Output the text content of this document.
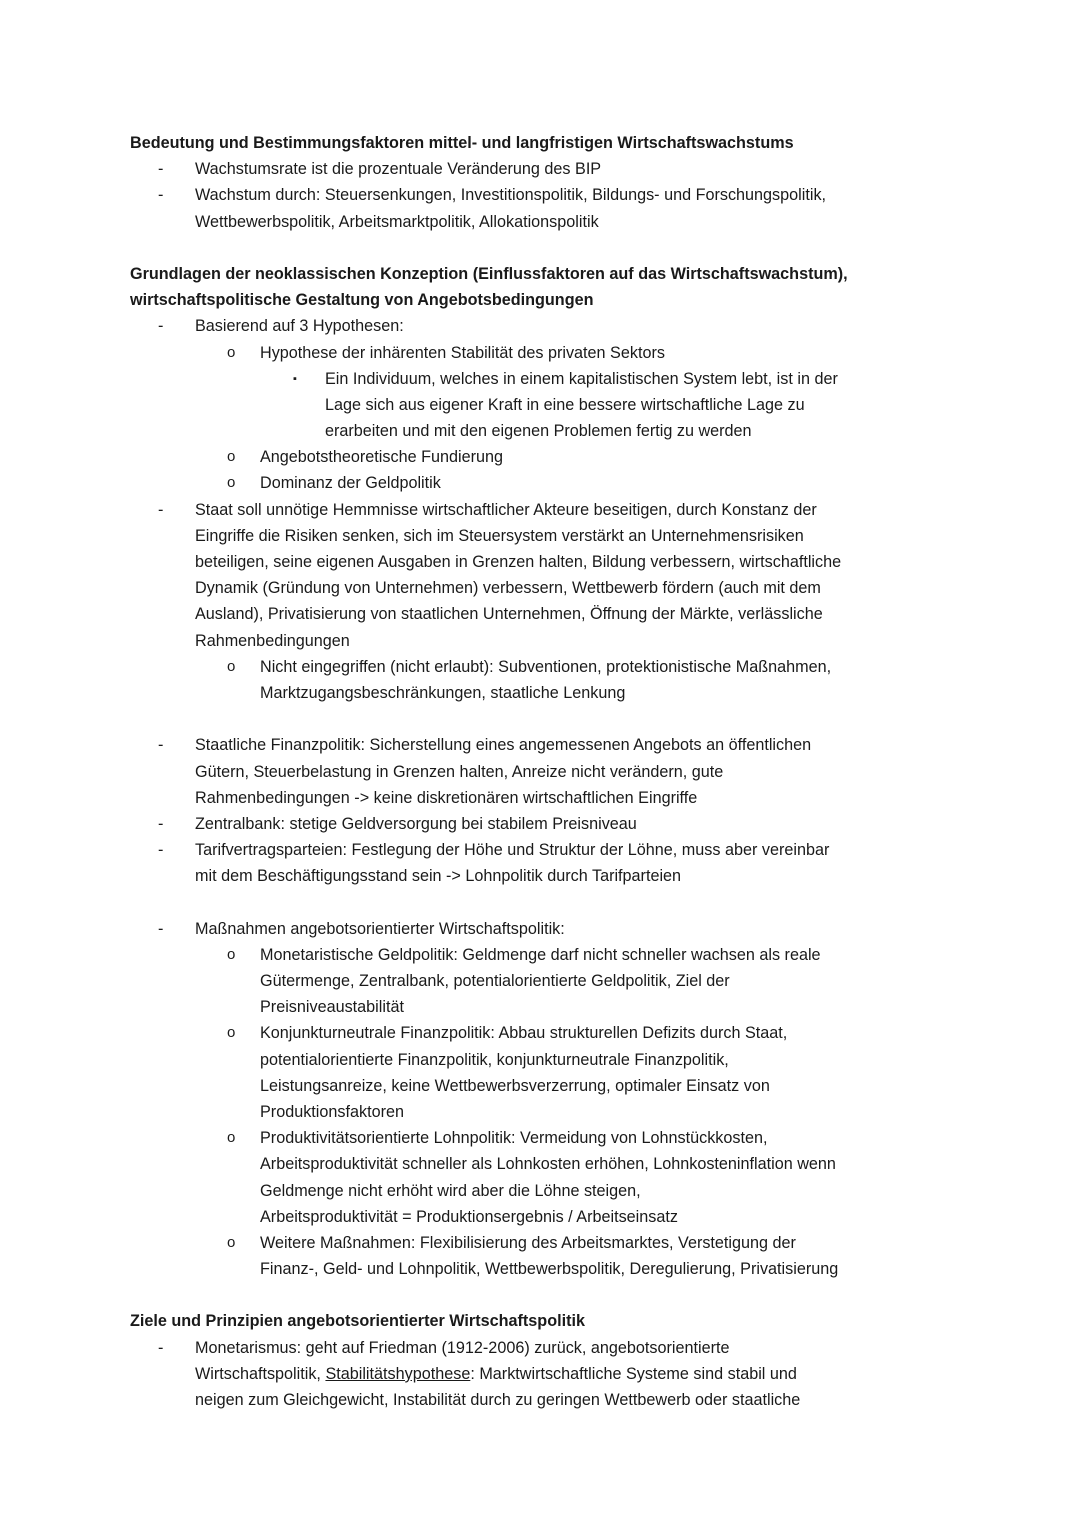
Bedeutung und Bestimmungsfaktoren mittel- und langfristigen Wirtschaftswachstums
- Wachstumsrate ist die prozentuale Veränderung des BIP
- Wachstum durch: Steuersenkungen, Investitionspolitik, Bildungs- und Forschungspolitik,
Wettbewerbspolitik, Arbeitsmarktpolitik, Allokationspolitik
Grundlagen der neoklassischen Konzeption (Einflussfaktoren auf das Wirtschaftswachstum),
wirtschaftspolitische Gestaltung von Angebotsbedingungen
- Basierend auf 3 Hypothesen:
o Hypothese der inhärenten Stabilität des privaten Sektors
▪ Ein Individuum, welches in einem kapitalistischen System lebt, ist in der
Lage sich aus eigener Kraft in eine bessere wirtschaftliche Lage zu
erarbeiten und mit den eigenen Problemen fertig zu werden
o Angebotstheoretische Fundierung
o Dominanz der Geldpolitik
- Staat soll unnötige Hemmnisse wirtschaftlicher Akteure beseitigen, durch Konstanz der
Eingriffe die Risiken senken, sich im Steuersystem verstärkt an Unternehmensrisiken
beteiligen, seine eigenen Ausgaben in Grenzen halten, Bildung verbessern, wirtschaftliche
Dynamik (Gründung von Unternehmen) verbessern, Wettbewerb fördern (auch mit dem
Ausland), Privatisierung von staatlichen Unternehmen, Öffnung der Märkte, verlässliche
Rahmenbedingungen
o Nicht eingegriffen (nicht erlaubt): Subventionen, protektionistische Maßnahmen,
Marktzugangsbeschränkungen, staatliche Lenkung
- Staatliche Finanzpolitik: Sicherstellung eines angemessenen Angebots an öffentlichen
Gütern, Steuerbelastung in Grenzen halten, Anreize nicht verändern, gute
Rahmenbedingungen -> keine diskretionären wirtschaftlichen Eingriffe
- Zentralbank: stetige Geldversorgung bei stabilem Preisniveau
- Tarifvertragsparteien: Festlegung der Höhe und Struktur der Löhne, muss aber vereinbar
mit dem Beschäftigungsstand sein -> Lohnpolitik durch Tarifparteien
- Maßnahmen angebotsorientierter Wirtschaftspolitik:
o Monetaristische Geldpolitik: Geldmenge darf nicht schneller wachsen als reale
Gütermenge, Zentralbank, potentialorientierte Geldpolitik, Ziel der
Preisniveaustabilität
o Konjunkturneutrale Finanzpolitik: Abbau strukturellen Defizits durch Staat,
potentialorientierte Finanzpolitik, konjunkturneutrale Finanzpolitik,
Leistungsanreize, keine Wettbewerbsverzerrung, optimaler Einsatz von
Produktionsfaktoren
o Produktivitätsorientierte Lohnpolitik: Vermeidung von Lohnstückkosten,
Arbeitsproduktivität schneller als Lohnkosten erhöhen, Lohnkosteninflation wenn
Geldmenge nicht erhöht wird aber die Löhne steigen,
Arbeitsproduktivität = Produktionsergebnis / Arbeitseinsatz
o Weitere Maßnahmen: Flexibilisierung des Arbeitsmarktes, Verstetigung der
Finanz-, Geld- und Lohnpolitik, Wettbewerbspolitik, Deregulierung, Privatisierung
Ziele und Prinzipien angebotsorientierter Wirtschaftspolitik
- Monetarismus: geht auf Friedman (1912-2006) zurück, angebotsorientierte
Wirtschaftspolitik, Stabilitätshypothese: Marktwirtschaftliche Systeme sind stabil und
neigen zum Gleichgewicht, Instabilität durch zu geringen Wettbewerb oder staatliche
